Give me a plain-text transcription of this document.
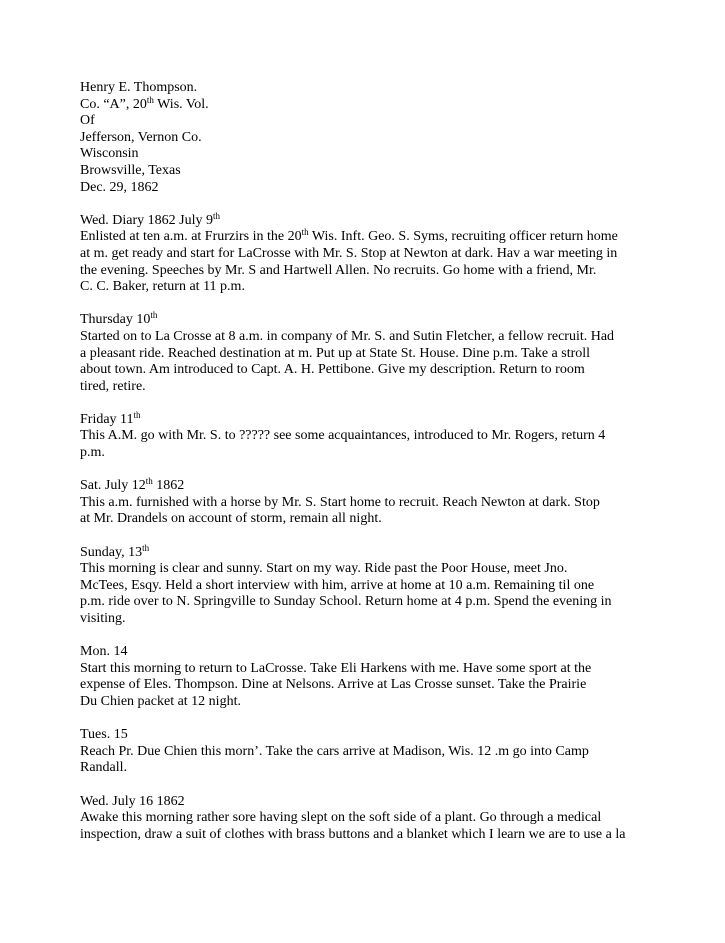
Henry E. Thompson.
Co. “A”, 20th Wis. Vol.
Of
Jefferson, Vernon Co.
Wisconsin
Browsville, Texas
Dec. 29, 1862
Wed. Diary 1862 July 9th
Enlisted at ten a.m. at Frurzirs in the 20th Wis. Inft. Geo. S. Syms, recruiting officer return home
at m. get ready and start for LaCrosse with Mr. S. Stop at Newton at dark. Hav a war meeting in
the evening. Speeches by Mr. S and Hartwell Allen. No recruits. Go home with a friend, Mr.
C. C. Baker, return at 11 p.m.
Thursday 10th
Started on to La Crosse at 8 a.m. in company of Mr. S. and Sutin Fletcher, a fellow recruit. Had
a pleasant ride. Reached destination at m. Put up at State St. House. Dine p.m. Take a stroll
about town. Am introduced to Capt. A. H. Pettibone. Give my description. Return to room
tired, retire.
Friday 11th
This A.M. go with Mr. S. to ????? see some acquaintances, introduced to Mr. Rogers, return 4
p.m.
Sat. July 12th 1862
This a.m. furnished with a horse by Mr. S. Start home to recruit. Reach Newton at dark. Stop
at Mr. Drandels on account of storm, remain all night.
Sunday, 13th
This morning is clear and sunny. Start on my way. Ride past the Poor House, meet Jno.
McTees, Esqy. Held a short interview with him, arrive at home at 10 a.m. Remaining til one
p.m. ride over to N. Springville to Sunday School. Return home at 4 p.m. Spend the evening in
visiting.
Mon. 14
Start this morning to return to LaCrosse. Take Eli Harkens with me. Have some sport at the
expense of Eles. Thompson. Dine at Nelsons. Arrive at Las Crosse sunset. Take the Prairie
Du Chien packet at 12 night.
Tues. 15
Reach Pr. Due Chien this morn’. Take the cars arrive at Madison, Wis. 12 .m go into Camp
Randall.
Wed. July 16 1862
Awake this morning rather sore having slept on the soft side of a plant. Go through a medical
inspection, draw a suit of clothes with brass buttons and a blanket which I learn we are to use a la
